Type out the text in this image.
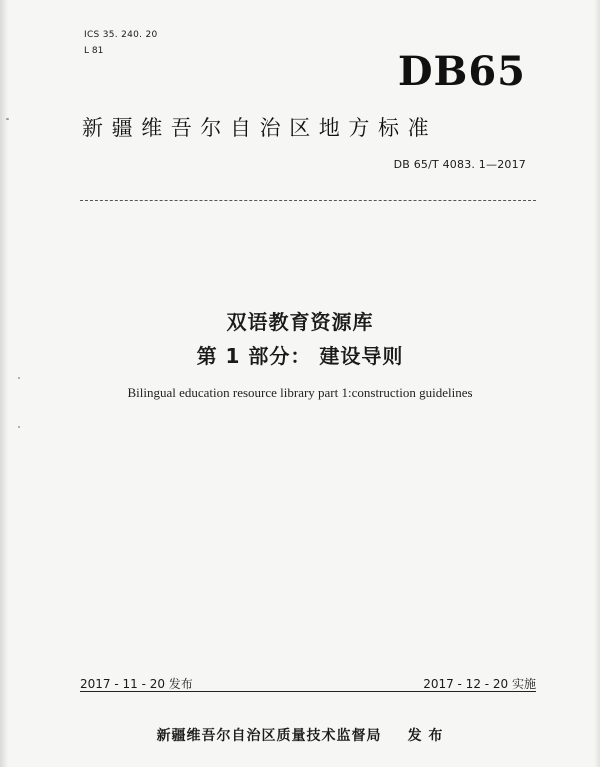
ICS 35. 240. 20
L 81	DB65
新疆维吾尔自治区地方标准
DB 65/T 4083. 1—2017
双语教育资源库
第 1 部分： 建设导则
Bilingual education resource library part 1:construction guidelines
2017 - 11 - 20 发布	2017 - 12 - 20 实施
新疆维吾尔自治区质量技术监督局 发 布
